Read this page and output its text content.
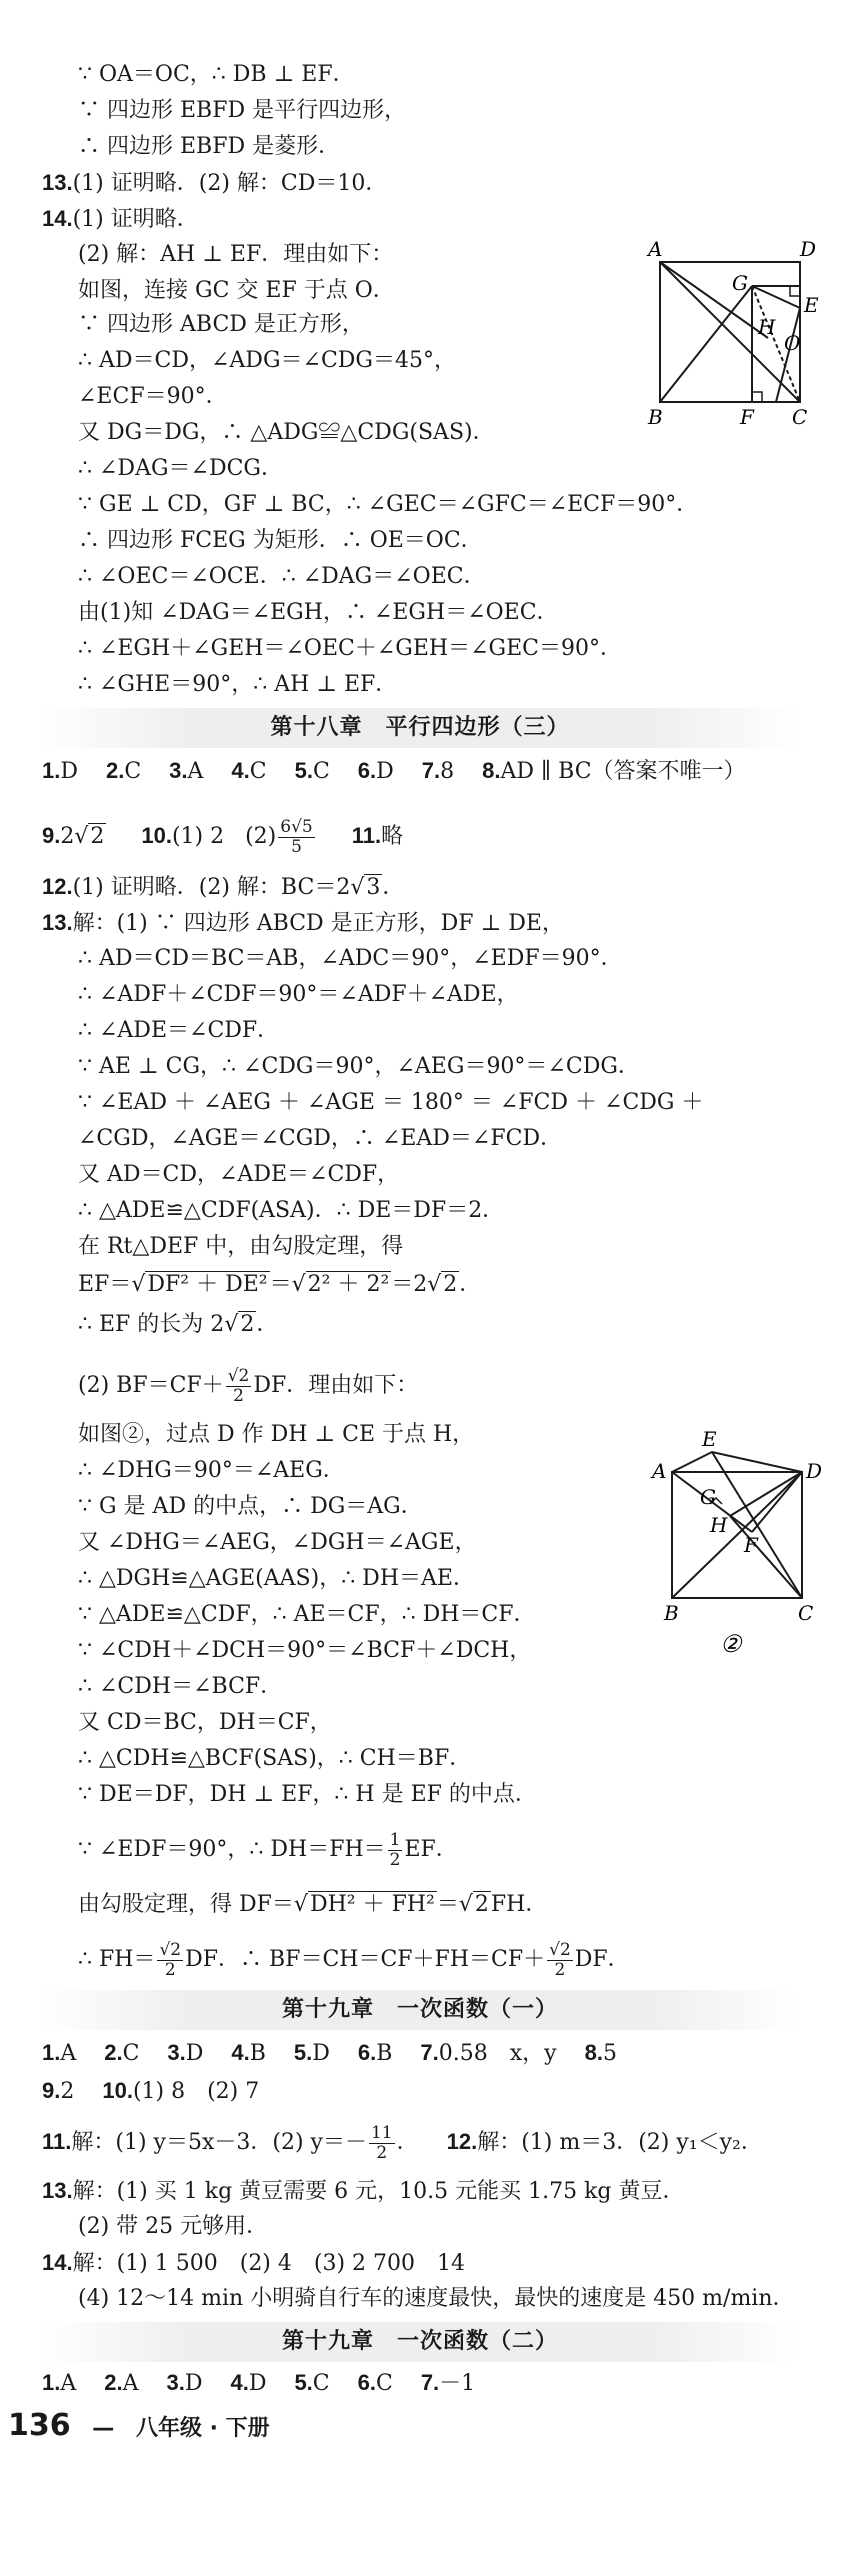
∵ OA＝OC，∴ DB ⊥ EF．
∵ 四边形 EBFD 是平行四边形，
∴ 四边形 EBFD 是菱形．
13.(1) 证明略．(2) 解：CD＝10．
14.(1) 证明略．
(2) 解：AH ⊥ EF．理由如下：
如图，连接 GC 交 EF 于点 O．
∵ 四边形 ABCD 是正方形，
∴ AD＝CD，∠ADG＝∠CDG＝45°，
∠ECF＝90°．
又 DG＝DG，∴ △ADG≌△CDG(SAS)．
∴ ∠DAG＝∠DCG．
∵ GE ⊥ CD，GF ⊥ BC，∴ ∠GEC＝∠GFC＝∠ECF＝90°．
∴ 四边形 FCEG 为矩形．∴ OE＝OC．
∴ ∠OEC＝∠OCE．∴ ∠DAG＝∠OEC．
由(1)知 ∠DAG＝∠EGH，∴ ∠EGH＝∠OEC．
∴ ∠EGH＋∠GEH＝∠OEC＋∠GEH＝∠GEC＝90°．
∴ ∠GHE＝90°，∴ AH ⊥ EF．
A	D
G
E
H
O
B	F C
第十八章　平行四边形（三）
1.D 2.C 3.A 4.C 5.C 6.D 7.8 8.AD ∥ BC（答案不唯一）
9.2√2 10.(1) 2 $(2) \frac{6√5}{5} 11$.略
12.(1) 证明略．(2) 解：BC＝2√3．
13.解：(1) ∵ 四边形 ABCD 是正方形，DF ⊥ DE，
∴ AD＝CD＝BC＝AB，∠ADC＝90°，∠EDF＝90°．
∴ ∠ADF＋∠CDF＝90°＝∠ADF＋∠ADE，
∴ ∠ADE＝∠CDF．
∵ AE ⊥ CG，∴ ∠CDG＝90°，∠AEG＝90°＝∠CDG．
∵ ∠EAD ＋ ∠AEG ＋ ∠AGE ＝ 180° ＝ ∠FCD ＋ ∠CDG ＋
∠CGD，∠AGE＝∠CGD，∴ ∠EAD＝∠FCD．
又 AD＝CD，∠ADE＝∠CDF，
∴ △ADE≌△CDF(ASA)．∴ DE＝DF＝2．
在 Rt△DEF 中，由勾股定理，得
EF＝√DF² ＋ DE²＝√2² ＋ 2²＝2√2．
∴ EF 的长为 2√2．
(2) $BF=CF+ \frac{√2}{2}$ DF．理由如下：
如图②，过点 D 作 DH ⊥ CE 于点 H，
∴ ∠DHG＝90°＝∠AEG．
∵ G 是 AD 的中点，∴ DG＝AG．
又 ∠DHG＝∠AEG，∠DGH＝∠AGE，
∴ △DGH≌△AGE(AAS)，∴ DH＝AE．
∵ △ADE≌△CDF，∴ AE＝CF，∴ DH＝CF．
∵ ∠CDH＋∠DCH＝90°＝∠BCF＋∠DCH，
∴ ∠CDH＝∠BCF．
又 CD＝BC，DH＝CF，
∴ △CDH≌△BCF(SAS)，∴ CH＝BF．
∵ DE＝DF，DH ⊥ EF，∴ H 是 EF 的中点．
∵ ∠EDF＝90°，∴ $DH=FH= \frac{1}{2}$ EF．
由勾股定理，得 DF＝√DH² ＋ FH²＝√2FH．
∴ $FH= \frac{√2}{2}$ DF．∴ $BF=CH=CF+FH=CF+ \frac{√2}{2}$ DF．
E
A
G
H
D
F
B	C
②
第十九章　一次函数（一）
1.A 2.C 3.D 4.B 5.D 6.B 7.0.58　x，y 8.5
9.2 10.(1) 8　(2) 7
11.解：(1) y＝5x－3．(2) $y=- \frac{11}{2}$ ． 12.解：(1) m＝3．(2) y₁＜y₂．
13.解：(1) 买 1 kg 黄豆需要 6 元，10.5 元能买 1.75 kg 黄豆．
(2) 带 25 元够用．
14.解：(1) 1 500　(2) 4　(3) 2 700　14
(4) 12～14 min 小明骑自行车的速度最快，最快的速度是 450 m/min．
第十九章　一次函数（二）
1.A 2.A 3.D 4.D 5.C 6.C 7.－1
136 — 八年级 · 下册
